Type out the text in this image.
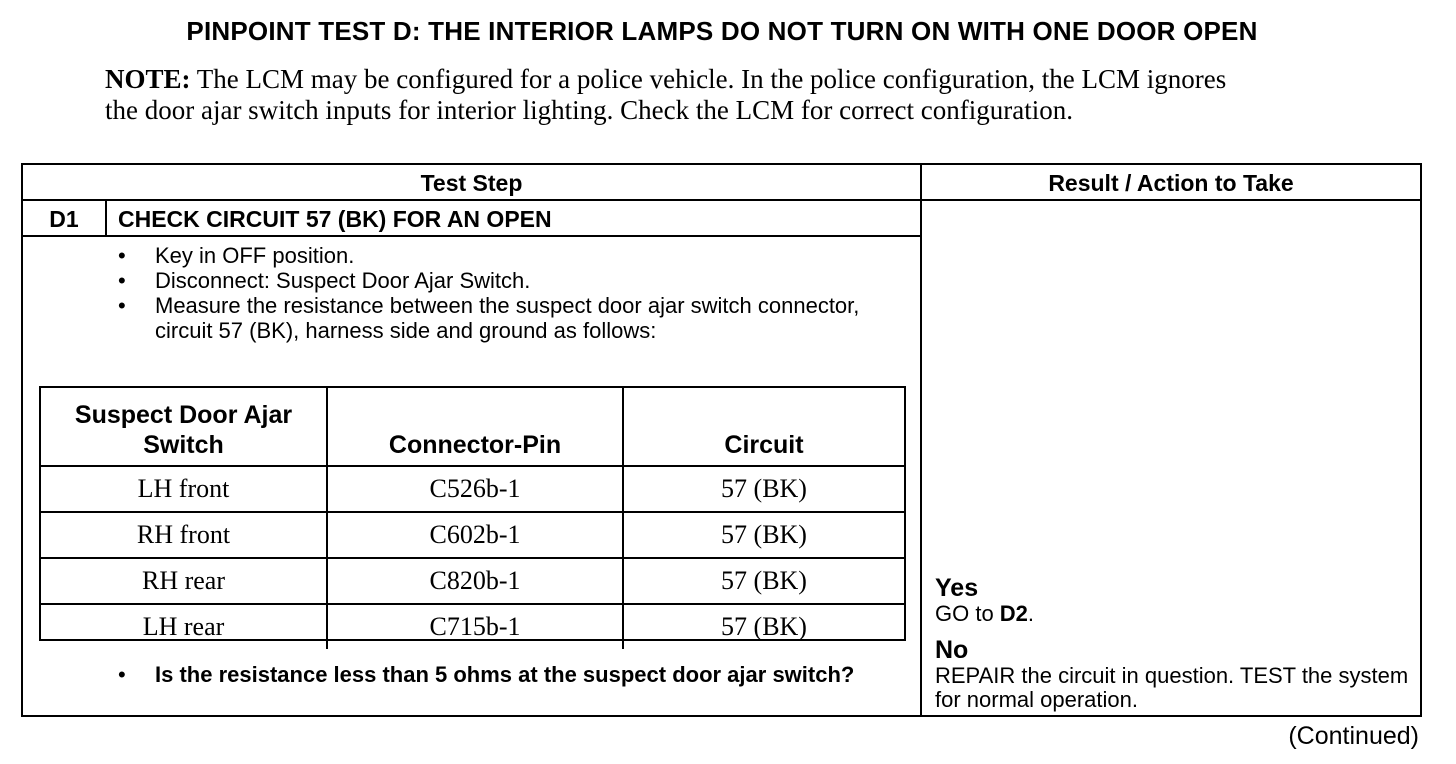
PINPOINT TEST D: THE INTERIOR LAMPS DO NOT TURN ON WITH ONE DOOR OPEN
NOTE: The LCM may be configured for a police vehicle. In the police configuration, the LCM ignores the door ajar switch inputs for interior lighting. Check the LCM for correct configuration.
Test Step	Result / Action to Take
D1	CHECK CIRCUIT 57 (BK) FOR AN OPEN
• Key in OFF position.
• Disconnect: Suspect Door Ajar Switch.
• Measure the resistance between the suspect door ajar switch connector, circuit 57 (BK), harness side and ground as follows:
Suspect Door Ajar Switch	Connector-Pin	Circuit
LH front	C526b-1	57 (BK)
RH front	C602b-1	57 (BK)
RH rear	C820b-1	57 (BK)
LH rear	C715b-1	57 (BK)
•	Is the resistance less than 5 ohms at the suspect door ajar switch?
Yes
GO to D2.
No
REPAIR the circuit in question. TEST the system for normal operation.
(Continued)
